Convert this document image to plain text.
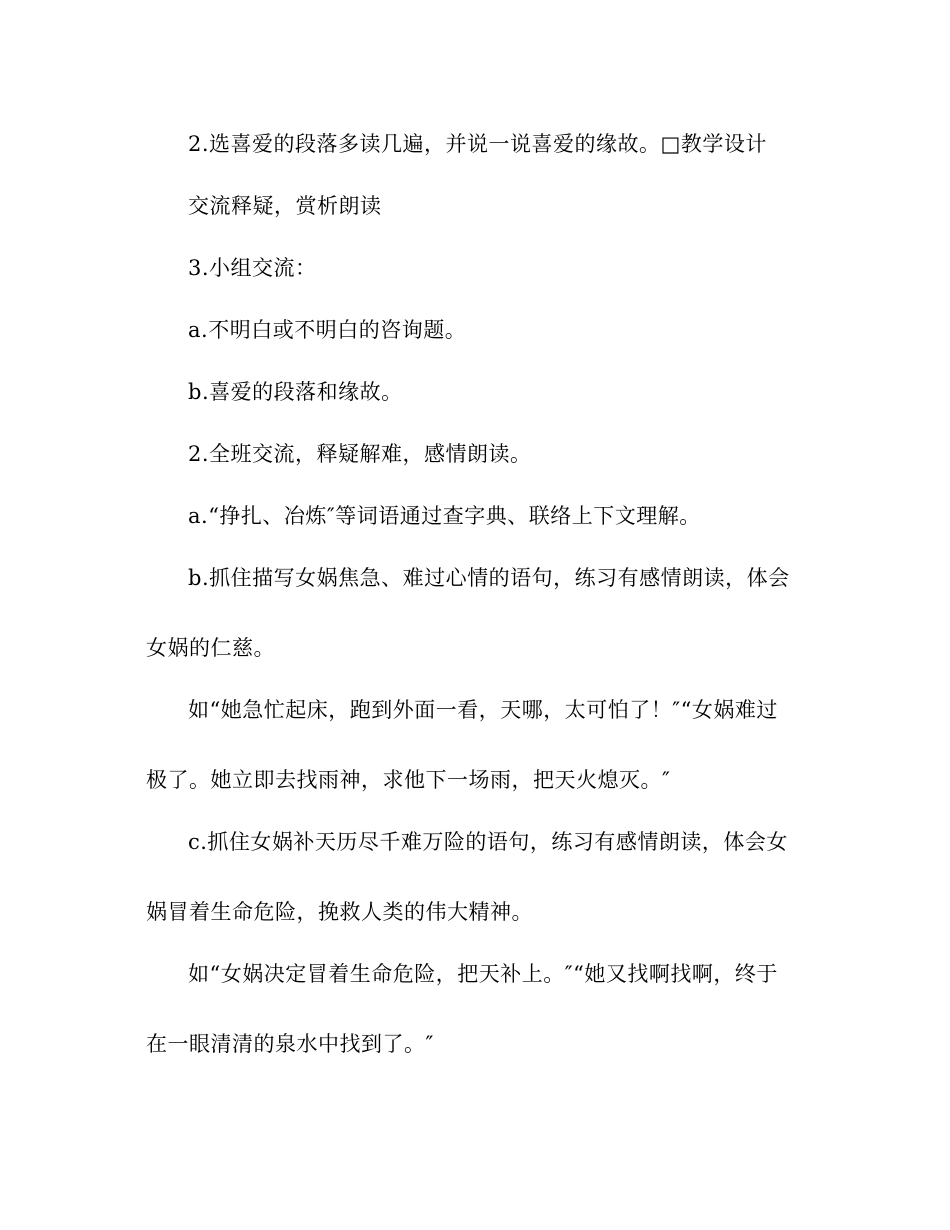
2.选喜爱的段落多读几遍，并说一说喜爱的缘故。□教学设计
交流释疑，赏析朗读
3.小组交流：
a.不明白或不明白的咨询题。
b.喜爱的段落和缘故。
2.全班交流，释疑解难，感情朗读。
a.“挣扎、冶炼″等词语通过查字典、联络上下文理解。
b.抓住描写女娲焦急、难过心情的语句，练习有感情朗读，体会
女娲的仁慈。
如“她急忙起床，跑到外面一看，天哪，太可怕了！″“女娲难过
极了。她立即去找雨神，求他下一场雨，把天火熄灭。″
c.抓住女娲补天历尽千难万险的语句，练习有感情朗读，体会女
娲冒着生命危险，挽救人类的伟大精神。
如“女娲决定冒着生命危险，把天补上。″“她又找啊找啊，终于
在一眼清清的泉水中找到了。″
